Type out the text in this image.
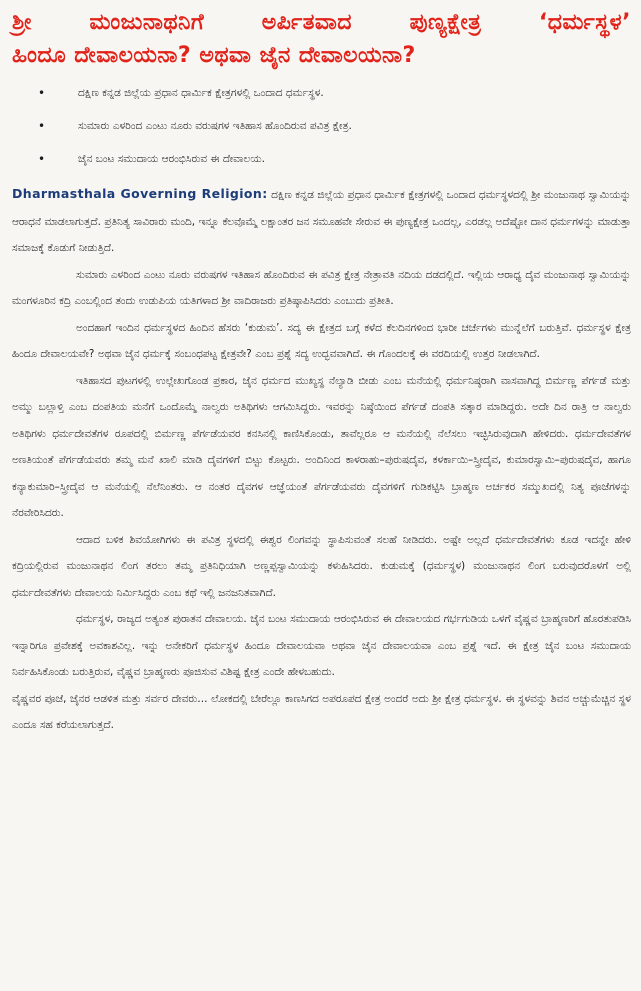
ಶ್ರೀ ಮಂಜುನಾಥನಿಗೆ ಅರ್ಪಿತವಾದ ಪುಣ್ಯಕ್ಷೇತ್ರ ‘ಧರ್ಮಸ್ಥಳ’
ಹಿಂದೂ ದೇವಾಲಯನಾ? ಅಥವಾ ಜೈನ ದೇವಾಲಯನಾ?
•	ದಕ್ಷಿಣ ಕನ್ನಡ ಜಿಲ್ಲೆಯ ಪ್ರಧಾನ ಧಾರ್ಮಿಕ ಕ್ಷೇತ್ರಗಳಲ್ಲಿ ಒಂದಾದ ಧರ್ಮಸ್ಥಳ.
•	ಸುಮಾರು ಎಳರಿಂದ ಎಂಟು ನೂರು ವರುಷಗಳ ಇತಿಹಾಸ ಹೊಂದಿರುವ ಪವಿತ್ರ ಕ್ಷೇತ್ರ.
•	ಜೈನ ಬಂಟ ಸಮುದಾಯ ಆರಂಭಿಸಿರುವ ಈ ದೇವಾಲಯ.

Dharmasthala Governing Religion: ದಕ್ಷಿಣ ಕನ್ನಡ ಜಿಲ್ಲೆಯ ಪ್ರಧಾನ ಧಾರ್ಮಿಕ ಕ್ಷೇತ್ರಗಳಲ್ಲಿ ಒಂದಾದ ಧರ್ಮಸ್ಥಳದಲ್ಲಿ ಶ್ರೀ ಮಂಜುನಾಥ ಸ್ವಾಮಿಯನ್ನು ಆರಾಧನೆ ಮಾಡಲಾಗುತ್ತದೆ. ಪ್ರತಿನಿತ್ಯ ಸಾವಿರಾರು ಮಂದಿ, ಇನ್ನೂ ಕೆಲವೊಮ್ಮೆ ಲಕ್ಷಾಂತರ ಜನ ಸಮೂಹವೇ ಸೇರುವ ಈ ಪುಣ್ಯಕ್ಷೇತ್ರ ಒಂದಲ್ಲ, ಎರಡಲ್ಲ ಅದೆಷ್ಟೋ ದಾನ ಧರ್ಮಗಳನ್ನು ಮಾಡುತ್ತಾ ಸಮಾಜಕ್ಕೆ ಕೊಡುಗೆ ನೀಡುತ್ತಿದೆ.

ಸುಮಾರು ಎಳರಿಂದ ಎಂಟು ನೂರು ವರುಷಗಳ ಇತಿಹಾಸ ಹೊಂದಿರುವ ಈ ಪವಿತ್ರ ಕ್ಷೇತ್ರ ನೇತ್ರಾವತಿ ನದಿಯ ದಡದಲ್ಲಿದೆ. ಇಲ್ಲಿಯ ಆರಾಧ್ಯ ದೈವ ಮಂಜುನಾಥ ಸ್ವಾಮಿಯನ್ನು ಮಂಗಳೂರಿನ ಕದ್ರಿ ಎಂಬಲ್ಲಿಂದ ತಂದು ಉಡುಪಿಯ ಯತಿಗಳಾದ ಶ್ರೀ ವಾದಿರಾಜರು ಪ್ರತಿಷ್ಠಾಪಿಸಿದರು ಎಂಬುದು ಪ್ರತೀತಿ.

ಅಂದಹಾಗೆ ಇಂದಿನ ಧರ್ಮಸ್ಥಳದ ಹಿಂದಿನ ಹೆಸರು ‘ಕುಡುಮ’. ಸದ್ಯ ಈ ಕ್ಷೇತ್ರದ ಬಗ್ಗೆ ಕಳೆದ ಕೆಲದಿನಗಳಿಂದ ಭಾರೀ ಚರ್ಚೆಗಳು ಮುನ್ನೆಲೆಗೆ ಬರುತ್ತಿವೆ. ಧರ್ಮಸ್ಥಳ ಕ್ಷೇತ್ರ ಹಿಂದೂ ದೇವಾಲಯವೇ? ಅಥವಾ ಜೈನ ಧರ್ಮಕ್ಕೆ ಸಂಬಂಧಪಟ್ಟ ಕ್ಷೇತ್ರವೇ? ಎಂಬ ಪ್ರಶ್ನೆ ಸದ್ಯ ಉದ್ಭವವಾಗಿದೆ. ಈ ಗೊಂದಲಕ್ಕೆ ಈ ವರದಿಯಲ್ಲಿ ಉತ್ತರ ನೀಡಲಾಗಿದೆ.

ಇತಿಹಾಸದ ಪುಟಗಳಲ್ಲಿ ಉಲ್ಲೇಖಗೊಂಡ ಪ್ರಕಾರ, ಜೈನ ಧರ್ಮದ ಮುಖ್ಯಸ್ಥ ನೆಲ್ಯಾಡಿ ಬೀಡು ಎಂಬ ಮನೆಯಲ್ಲಿ ಧರ್ಮನಿಷ್ಠರಾಗಿ ವಾಸವಾಗಿದ್ದ ಬಿರ್ಮಣ್ಣ ಪೆರ್ಗಡೆ ಮತ್ತು ಅಮ್ಮು ಬಲ್ಲಾಳ್ತಿ ಎಂಬ ದಂಪತಿಯ ಮನೆಗೆ ಒಂದೊಮ್ಮೆ ನಾಲ್ವರು ಅತಿಥಿಗಳು ಆಗಮಿಸಿದ್ದರು. ಇವರನ್ನು ನಿಷ್ಠೆಯಿಂದ ಪೆರ್ಗಡೆ ದಂಪತಿ ಸತ್ಕಾರ ಮಾಡಿದ್ದರು. ಅದೇ ದಿನ ರಾತ್ರಿ ಆ ನಾಲ್ವರು ಅತಿಥಿಗಳು ಧರ್ಮದೇವತೆಗಳ ರೂಪದಲ್ಲಿ ಬಿರ್ಮಣ್ಣ ಪೆರ್ಗಡೆಯವರ ಕನಸಿನಲ್ಲಿ ಕಾಣಿಸಿಕೊಂಡು, ತಾವೆಲ್ಲರೂ ಆ ಮನೆಯಲ್ಲಿ ನೆಲೆಸಲು ಇಚ್ಛಿಸಿರುವುದಾಗಿ ಹೇಳಿದರು. ಧರ್ಮದೇವತೆಗಳ ಅಣತಿಯಂತೆ ಪೆರ್ಗಡೆಯವರು ತಮ್ಮ ಮನೆ ಖಾಲಿ ಮಾಡಿ ದೈವಗಳಿಗೆ ಬಿಟ್ಟು ಕೊಟ್ಟರು. ಅಂದಿನಿಂದ ಕಾಳರಾಹು–ಪುರುಷದೈವ, ಕಳರ್ಕಾಯಿ–ಸ್ತ್ರೀದೈವ, ಕುಮಾರಸ್ವಾಮಿ–ಪುರುಷದೈವ, ಹಾಗೂ ಕನ್ಯಾಕುಮಾರಿ–ಸ್ತ್ರೀದೈವ ಆ ಮನೆಯಲ್ಲಿ ನೆಲೆನಿಂತರು. ಆ ನಂತರ ದೈವಗಳ ಆಜ್ಞೆಯಂತೆ ಪೆರ್ಗಡೆಯವರು ದೈವಗಳಿಗೆ ಗುಡಿಕಟ್ಟಿಸಿ ಬ್ರಾಹ್ಮಣ ಅರ್ಚಕರ ಸಮ್ಮುಖದಲ್ಲಿ ನಿತ್ಯ ಪೂಜೆಗಳನ್ನು ನೆರವೇರಿಸಿದರು.

ಆದಾದ ಬಳಿಕ ಶಿವಯೋಗಿಗಳು ಈ ಪವಿತ್ರ ಸ್ಥಳದಲ್ಲಿ ಈಶ್ವರ ಲಿಂಗವನ್ನು ಸ್ಥಾಪಿಸುವಂತೆ ಸಲಹೆ ನೀಡಿದರು. ಅಷ್ಟೇ ಅಲ್ಲದೆ ಧರ್ಮದೇವತೆಗಳು ಕೂಡ ಇದನ್ನೇ ಹೇಳಿ ಕದ್ರಿಯಲ್ಲಿರುವ ಮಂಜುನಾಥನ ಲಿಂಗ ತರಲು ತಮ್ಮ ಪ್ರತಿನಿಧಿಯಾಗಿ ಅಣ್ಣಪ್ಪಸ್ವಾಮಿಯನ್ನು ಕಳುಹಿಸಿದರು. ಕುಡುಮಕ್ಕೆ (ಧರ್ಮಸ್ಥಳ) ಮಂಜುನಾಥನ ಲಿಂಗ ಬರುವುದರೊಳಗೆ ಅಲ್ಲಿ ಧರ್ಮದೇವತೆಗಳು ದೇವಾಲಯ ನಿರ್ಮಿಸಿದ್ದರು ಎಂಬ ಕಥೆ ಇಲ್ಲಿ ಜನಜನಿತವಾಗಿದೆ.

ಧರ್ಮಸ್ಥಳ, ರಾಜ್ಯದ ಅತ್ಯಂತ ಪುರಾತನ ದೇವಾಲಯ. ಜೈನ ಬಂಟ ಸಮುದಾಯ ಆರಂಭಿಸಿರುವ ಈ ದೇವಾಲಯದ ಗರ್ಭಗುಡಿಯ ಒಳಗೆ ವೈಷ್ಣವ ಬ್ರಾಹ್ಮಣರಿಗೆ ಹೊರತುಪಡಿಸಿ ಇನ್ನಾರಿಗೂ ಪ್ರವೇಶಕ್ಕೆ ಅವಕಾಶವಿಲ್ಲ. ಇನ್ನು ಅನೇಕರಿಗೆ ಧರ್ಮಸ್ಥಳ ಹಿಂದೂ ದೇವಾಲಯವಾ ಅಥವಾ ಜೈನ ದೇವಾಲಯವಾ ಎಂಬ ಪ್ರಶ್ನೆ ಇದೆ. ಈ ಕ್ಷೇತ್ರ ಜೈನ ಬಂಟ ಸಮುದಾಯ ನಿರ್ವಹಿಸಿಕೊಂಡು ಬರುತ್ತಿರುವ, ವೈಷ್ಣವ ಬ್ರಾಹ್ಮಣರು ಪೂಜಿಸುವ ವಿಶಿಷ್ಟ ಕ್ಷೇತ್ರ ಎಂದೇ ಹೇಳಬಹುದು.

ವೈಷ್ಣವರ ಪೂಜೆ, ಜೈನರ ಆಡಳಿತ ಮತ್ತು ಸರ್ವರ ದೇವರು… ಲೋಕದಲ್ಲಿ ಬೇರೆಲ್ಲೂ ಕಾಣಸಿಗದ ಅಪರೂಪದ ಕ್ಷೇತ್ರ ಅಂದರೆ ಅದು ಶ್ರೀ ಕ್ಷೇತ್ರ ಧರ್ಮಸ್ಥಳ. ಈ ಸ್ಥಳವನ್ನು ಶಿವನ ಅಚ್ಚುಮೆಚ್ಚಿನ ಸ್ಥಳ ಎಂದೂ ಸಹ ಕರೆಯಲಾಗುತ್ತದೆ.
